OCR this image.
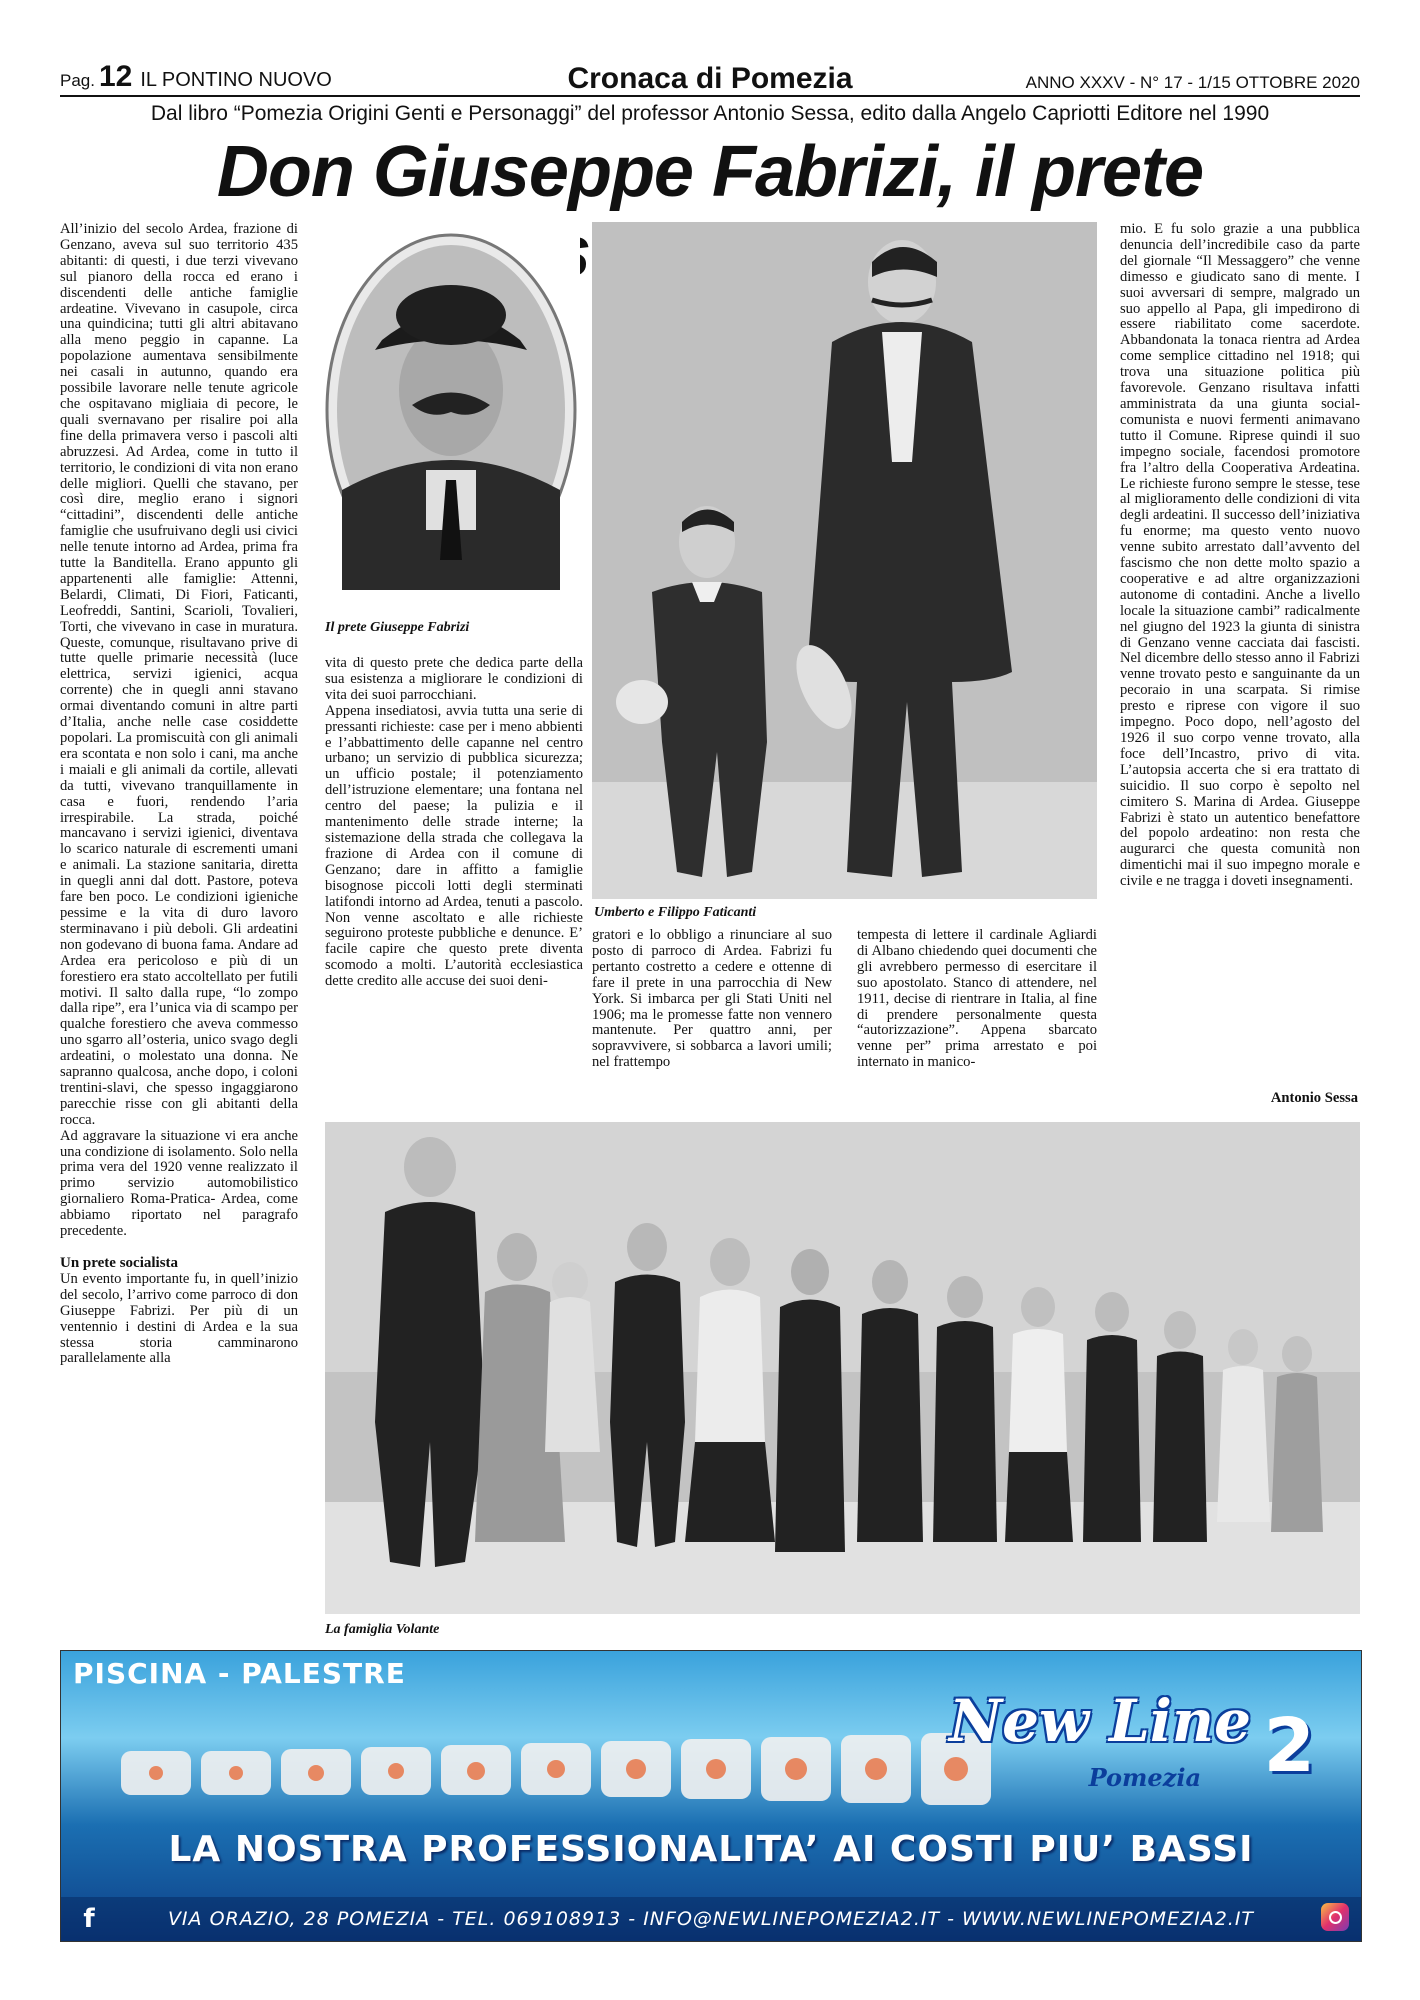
Pag. 12 IL PONTINO NUOVO	Cronaca di Pomezia	ANNO XXXV - N° 17 - 1/15 OTTOBRE 2020
Dal libro “Pomezia Origini Genti e Personaggi” del professor Antonio Sessa, edito dalla Angelo Capriotti Editore nel 1990
Don Giuseppe Fabrizi, il prete

All’inizio del secolo Ardea, frazione di Genzano, aveva sul suo territorio 435 abitanti: di questi, i due terzi vivevano sul pianoro della rocca ed erano i discendenti delle antiche famiglie ardeatine. Vivevano in casupole, circa una quindicina; tutti gli altri abitavano alla meno peggio in capanne. La popolazione aumentava sensibilmente nei casali in autunno, quando era possibile lavorare nelle tenute agricole che ospitavano migliaia di pecore, le quali svernavano per risalire poi alla fine della primavera verso i pascoli alti abruzzesi. Ad Ardea, come in tutto il territorio, le condizioni di vita non erano delle migliori. Quelli che stavano, per così dire, meglio erano i signori “cittadini”, discendenti delle antiche famiglie che usufruivano degli usi civici nelle tenute intorno ad Ardea, prima fra tutte la Banditella. Erano appunto gli appartenenti alle famiglie: Attenni, Belardi, Climati, Di Fiori, Faticanti, Leofreddi, Santini, Scarioli, Tovalieri, Torti, che vivevano in case in muratura. Queste, comunque, risultavano prive di tutte quelle primarie necessità (luce elettrica, servizi igienici, acqua corrente) che in quegli anni stavano ormai diventando comuni in altre parti d’Italia, anche nelle case cosiddette popolari. La promiscuità con gli animali era scontata e non solo i cani, ma anche i maiali e gli animali da cortile, allevati da tutti, vivevano tranquillamente in casa e fuori, rendendo l’aria irrespirabile. La strada, poiché mancavano i servizi igienici, diventava lo scarico naturale di escrementi umani e animali. La stazione sanitaria, diretta in quegli anni dal dott. Pastore, poteva fare ben poco. Le condizioni igieniche pessime e la vita di duro lavoro sterminavano i più deboli. Gli ardeatini non godevano di buona fama. Andare ad Ardea era pericoloso e più di un forestiero era stato accoltellato per futili motivi. Il salto dalla rupe, “lo zompo dalla ripe”, era l’unica via di scampo per qualche forestiero che aveva commesso uno sgarro all’osteria, unico svago degli ardeatini, o molestato una donna. Ne sapranno qualcosa, anche dopo, i coloni trentini-slavi, che spesso ingaggiarono parecchie risse con gli abitanti della rocca.

Ad aggravare la situazione vi era anche una condizione di isolamento. Solo nella prima vera del 1920 venne realizzato il primo servizio automobilistico giornaliero Roma-Pratica- Ardea, come abbiamo riportato nel paragrafo precedente.

Un prete socialista

Un evento importante fu, in quell’inizio del secolo, l’arrivo come parroco di don Giuseppe Fabrizi. Per più di un ventennio i destini di Ardea e la sua stessa storia camminarono parallelamente alla

Il prete Giuseppe Fabrizi

vita di questo prete che dedica parte della sua esistenza a migliorare le condizioni di vita dei suoi parrocchiani.

Appena insediatosi, avvia tutta una serie di pressanti richieste: case per i meno abbienti e l’abbattimento delle capanne nel centro urbano; un servizio di pubblica sicurezza; un ufficio postale; il potenziamento dell’istruzione elementare; una fontana nel centro del paese; la pulizia e il mantenimento delle strade interne; la sistemazione della strada che collegava la frazione di Ardea con il comune di Genzano; dare in affitto a famiglie bisognose piccoli lotti degli sterminati latifondi intorno ad Ardea, tenuti a pascolo. Non venne ascoltato e alle richieste seguirono proteste pubbliche e denunce. E’ facile capire che questo prete diventa scomodo a molti. L’autorità ecclesiastica dette credito alle accuse dei suoi deni-

Umberto e Filippo Faticanti

gratori e lo obbligo a rinunciare al suo posto di parroco di Ardea. Fabrizi fu pertanto costretto a cedere e ottenne di fare il prete in una parrocchia di New York. Si imbarca per gli Stati Uniti nel 1906; ma le promesse fatte non vennero mantenute. Per quattro anni, per sopravvivere, si sobbarca a lavori umili; nel frattempo

tempesta di lettere il cardinale Agliardi di Albano chiedendo quei documenti che gli avrebbero permesso di esercitare il suo apostolato. Stanco di attendere, nel 1911, decise di rientrare in Italia, al fine di prendere personalmente questa “autorizzazione”. Appena sbarcato venne per” prima arrestato e poi internato in manico-

mio. E fu solo grazie a una pubblica denuncia dell’incredibile caso da parte del giornale “Il Messaggero” che venne dimesso e giudicato sano di mente. I suoi avversari di sempre, malgrado un suo appello al Papa, gli impedirono di essere riabilitato come sacerdote. Abbandonata la tonaca rientra ad Ardea come semplice cittadino nel 1918; qui trova una situazione politica più favorevole. Genzano risultava infatti amministrata da una giunta social-comunista e nuovi fermenti animavano tutto il Comune. Riprese quindi il suo impegno sociale, facendosi promotore fra l’altro della Cooperativa Ardeatina. Le richieste furono sempre le stesse, tese al miglioramento delle condizioni di vita degli ardeatini. Il successo dell’iniziativa fu enorme; ma questo vento nuovo venne subito arrestato dall’avvento del fascismo che non dette molto spazio a cooperative e ad altre organizzazioni autonome di contadini. Anche a livello locale la situazione cambi” radicalmente nel giugno del 1923 la giunta di sinistra di Genzano venne cacciata dai fascisti. Nel dicembre dello stesso anno il Fabrizi venne trovato pesto e sanguinante da un pecoraio in una scarpata. Si rimise presto e riprese con vigore il suo impegno. Poco dopo, nell’agosto del 1926 il suo corpo venne trovato, alla foce dell’Incastro, privo di vita. L’autopsia accerta che si era trattato di suicidio. Il suo corpo è sepolto nel cimitero S. Marina di Ardea. Giuseppe Fabrizi è stato un autentico benefattore del popolo ardeatino: non resta che augurarci che questa comunità non dimentichi mai il suo impegno morale e civile e ne tragga i doveti insegnamenti.

Antonio Sessa
La famiglia Volante
PISCINA - PALESTRE
New Line 2
Pomezia
LA NOSTRA PROFESSIONALITA’ AI COSTI PIU’ BASSI
VIA ORAZIO, 28 POMEZIA - TEL. 069108913 - INFO@NEWLINEPOMEZIA2.IT - WWW.NEWLINEPOMEZIA2.IT
f
